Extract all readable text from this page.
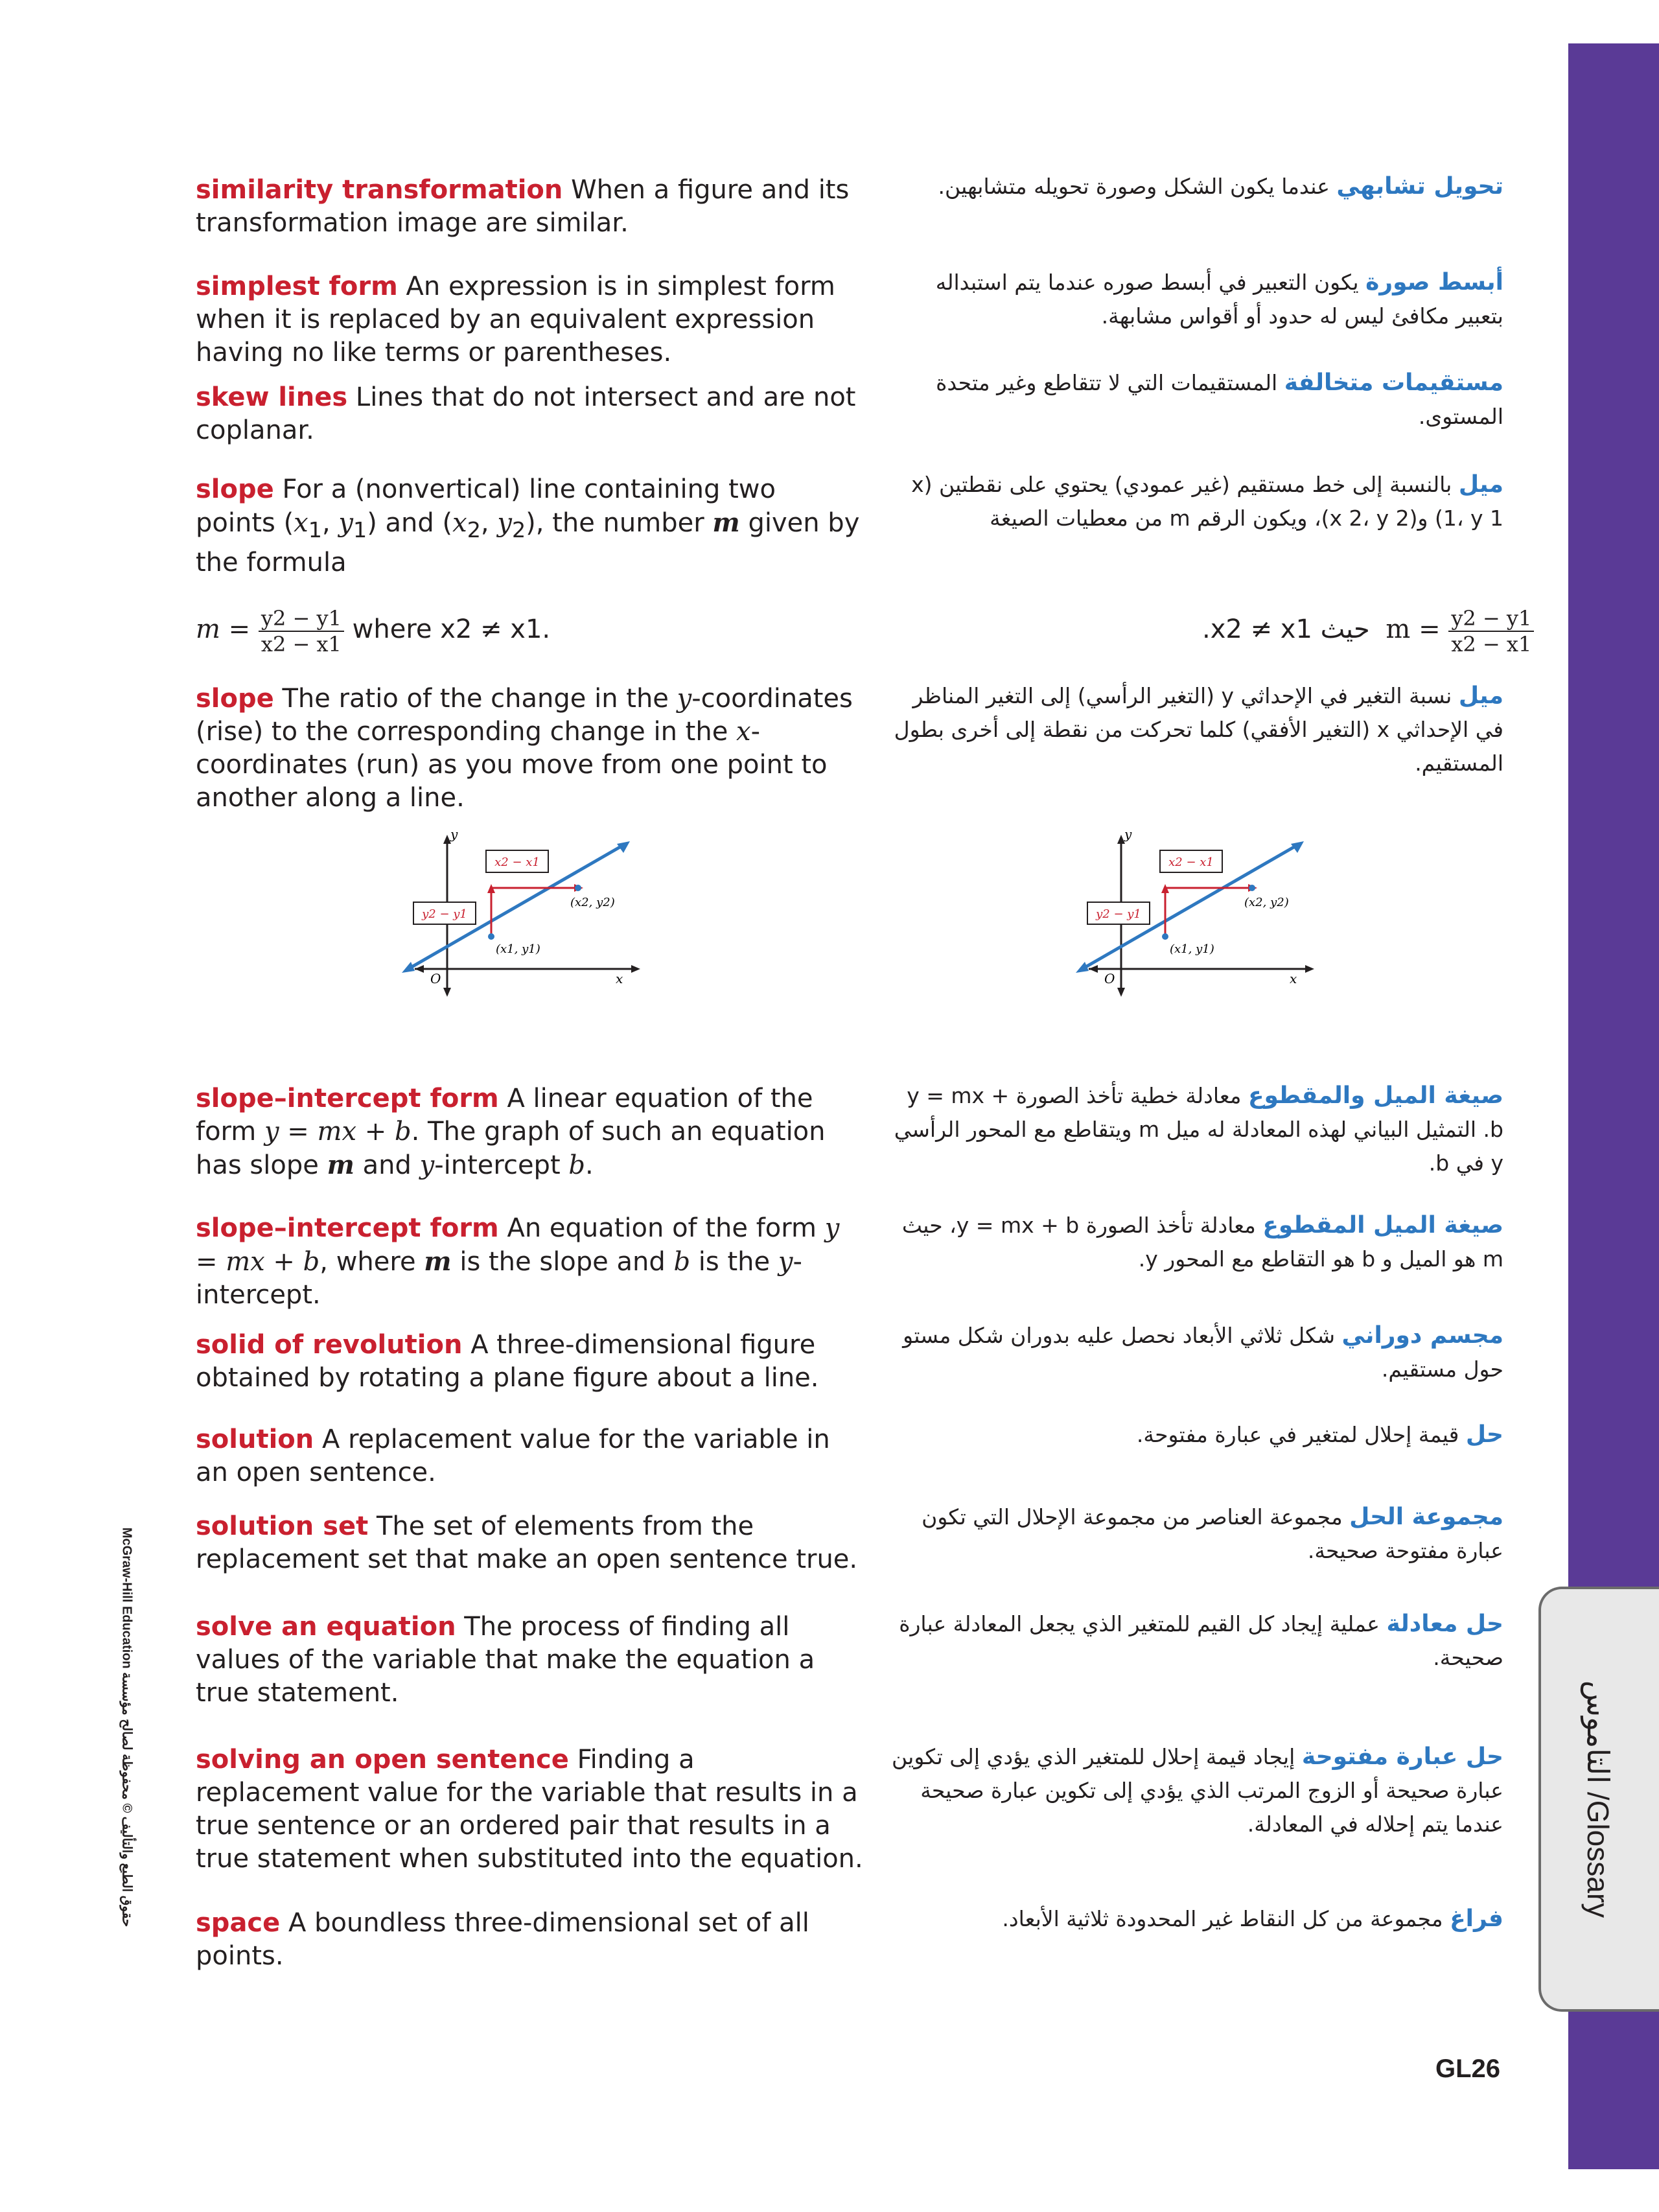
التاموس /Glossary
McGraw-Hill Education حقوق الطبع والتأليف © محفوظة لصالح مؤسسة
GL26
similarity transformation When a figure and its transformation image are similar.
simplest form An expression is in simplest form when it is replaced by an equivalent expression having no like terms or parentheses.
skew lines Lines that do not intersect and are not coplanar.
slope For a (nonvertical) line containing two points ($x_1$, $y_1$) and ($x_2$, $y_2$), the number m given by the formula
$m = \frac{y2 - y1}{x2 - x1}$ where x2 ≠ x1.
slope The ratio of the change in the y-coordinates (rise) to the corresponding change in the x-coordinates (run) as you move from one point to another along a line.
slope–intercept form A linear equation of the form y = mx + b. The graph of such an equation has slope m and y-intercept b.
slope–intercept form An equation of the form y = mx + b, where m is the slope and b is the y-intercept.
solid of revolution A three-dimensional figure obtained by rotating a plane figure about a line.
solution A replacement value for the variable in an open sentence.
solution set The set of elements from the replacement set that make an open sentence true.
solve an equation The process of finding all values of the variable that make the equation a true statement.
solving an open sentence Finding a replacement value for the variable that results in a true sentence or an ordered pair that results in a true statement when substituted into the equation.
space A boundless three-dimensional set of all points.
تحويل تشابهي عندما يكون الشكل وصورة تحويله متشابهين.
أبسط صورة يكون التعبير في أبسط صوره عندما يتم استبداله بتعبير مكافئ ليس له حدود أو أقواس مشابهة.
مستقيمات متخالفة المستقيمات التي لا تتقاطع وغير متحدة المستوى.
ميل بالنسبة إلى خط مستقيم (غير عمودي) يحتوي على نقطتين (x 1، y 1) و(x 2، y 2)، ويكون الرقم m من معطيات الصيغة
.x2 ≠ x1 حيث $m = \frac{y2 - y1}{x2 - x1}$
ميل نسبة التغير في الإحداثي y (التغير الرأسي) إلى التغير المناظر في الإحداثي x (التغير الأفقي) كلما تحركت من نقطة إلى أخرى بطول المستقيم.
صيغة الميل والمقطوع معادلة خطية تأخذ الصورة y = mx + b. التمثيل البياني لهذه المعادلة له ميل m ويتقاطع مع المحور الرأسي y في b.
صيغة الميل المقطوع معادلة تأخذ الصورة y = mx + b، حيث m هو الميل و b هو التقاطع مع المحور y.
مجسم دوراني شكل ثلاثي الأبعاد نحصل عليه بدوران شكل مستو حول مستقيم.
حل قيمة إحلال لمتغير في عبارة مفتوحة.
مجموعة الحل مجموعة العناصر من مجموعة الإحلال التي تكون عبارة مفتوحة صحيحة.
حل معادلة عملية إيجاد كل القيم للمتغير الذي يجعل المعادلة عبارة صحيحة.
حل عبارة مفتوحة إيجاد قيمة إحلال للمتغير الذي يؤدي إلى تكوين عبارة صحيحة أو الزوج المرتب الذي يؤدي إلى تكوين عبارة صحيحة عندما يتم إحلاله في المعادلة.
فراغ مجموعة من كل النقاط غير المحدودة ثلاثية الأبعاد.
y
x
O
x2 − x1
y2 − y1
(x1, y1)
(x2, y2)
y
x
O
x2 − x1
y2 − y1
(x1, y1)
(x2, y2)
